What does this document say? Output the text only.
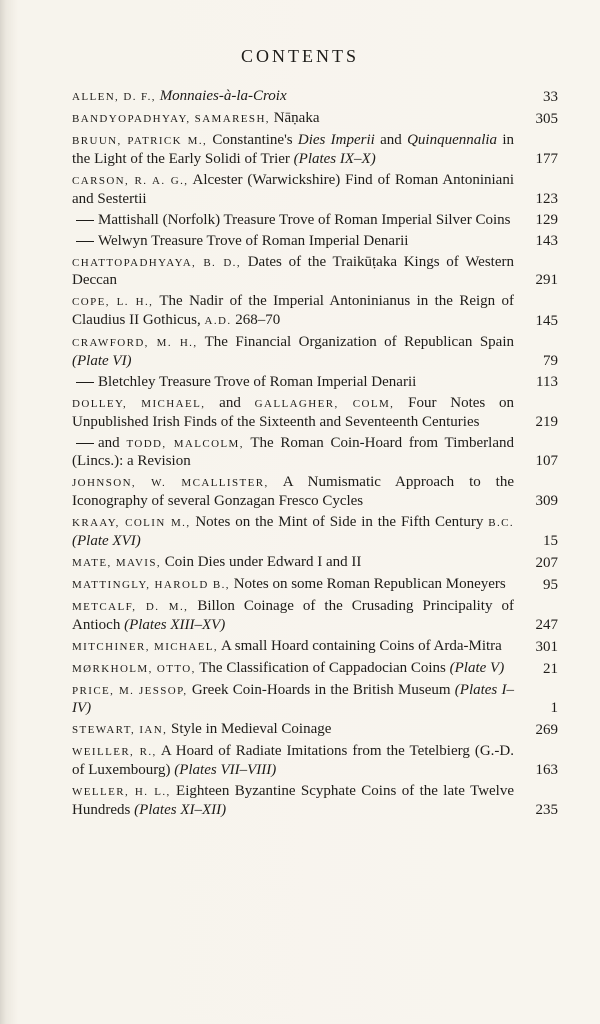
CONTENTS
ALLEN, D. F., Monnaies-à-la-Croix	33
BANDYOPADHYAY, SAMARESH, Nāṇaka	305
BRUUN, PATRICK M., Constantine's Dies Imperii and Quinquennalia in the Light of the Early Solidi of Trier (Plates IX–X)	177
CARSON, R. A. G., Alcester (Warwickshire) Find of Roman Antoniniani and Sestertii	123
Mattishall (Norfolk) Treasure Trove of Roman Imperial Silver Coins 129
Welwyn Treasure Trove of Roman Imperial Denarii	143
CHATTOPADHYAYA, B. D., Dates of the Traikūṭaka Kings of Western Deccan	291
COPE, L. H., The Nadir of the Imperial Antoninianus in the Reign of Claudius II Gothicus, A.D. 268–70	145
CRAWFORD, M. H., The Financial Organization of Republican Spain (Plate VI)	79
Bletchley Treasure Trove of Roman Imperial Denarii	113
DOLLEY, MICHAEL, and GALLAGHER, COLM, Four Notes on Unpublished Irish Finds of the Sixteenth and Seventeenth Centuries	219
and TODD, MALCOLM, The Roman Coin-Hoard from Timberland (Lincs.): a Revision	107
JOHNSON, W. MCALLISTER, A Numismatic Approach to the Iconography of several Gonzagan Fresco Cycles	309
KRAAY, COLIN M., Notes on the Mint of Side in the Fifth Century B.C. (Plate XVI)	15
MATE, MAVIS, Coin Dies under Edward I and II	207
MATTINGLY, HAROLD B., Notes on some Roman Republican Moneyers	95
METCALF, D. M., Billon Coinage of the Crusading Principality of Antioch (Plates XIII–XV)	247
MITCHINER, MICHAEL, A small Hoard containing Coins of Arda-Mitra	301
MØRKHOLM, OTTO, The Classification of Cappadocian Coins (Plate V)	21
PRICE, M. JESSOP, Greek Coin-Hoards in the British Museum (Plates I–IV)	1
STEWART, IAN, Style in Medieval Coinage	269
WEILLER, R., A Hoard of Radiate Imitations from the Tetelbierg (G.-D. of Luxembourg) (Plates VII–VIII)	163
WELLER, H. L., Eighteen Byzantine Scyphate Coins of the late Twelve Hundreds (Plates XI–XII)	235
